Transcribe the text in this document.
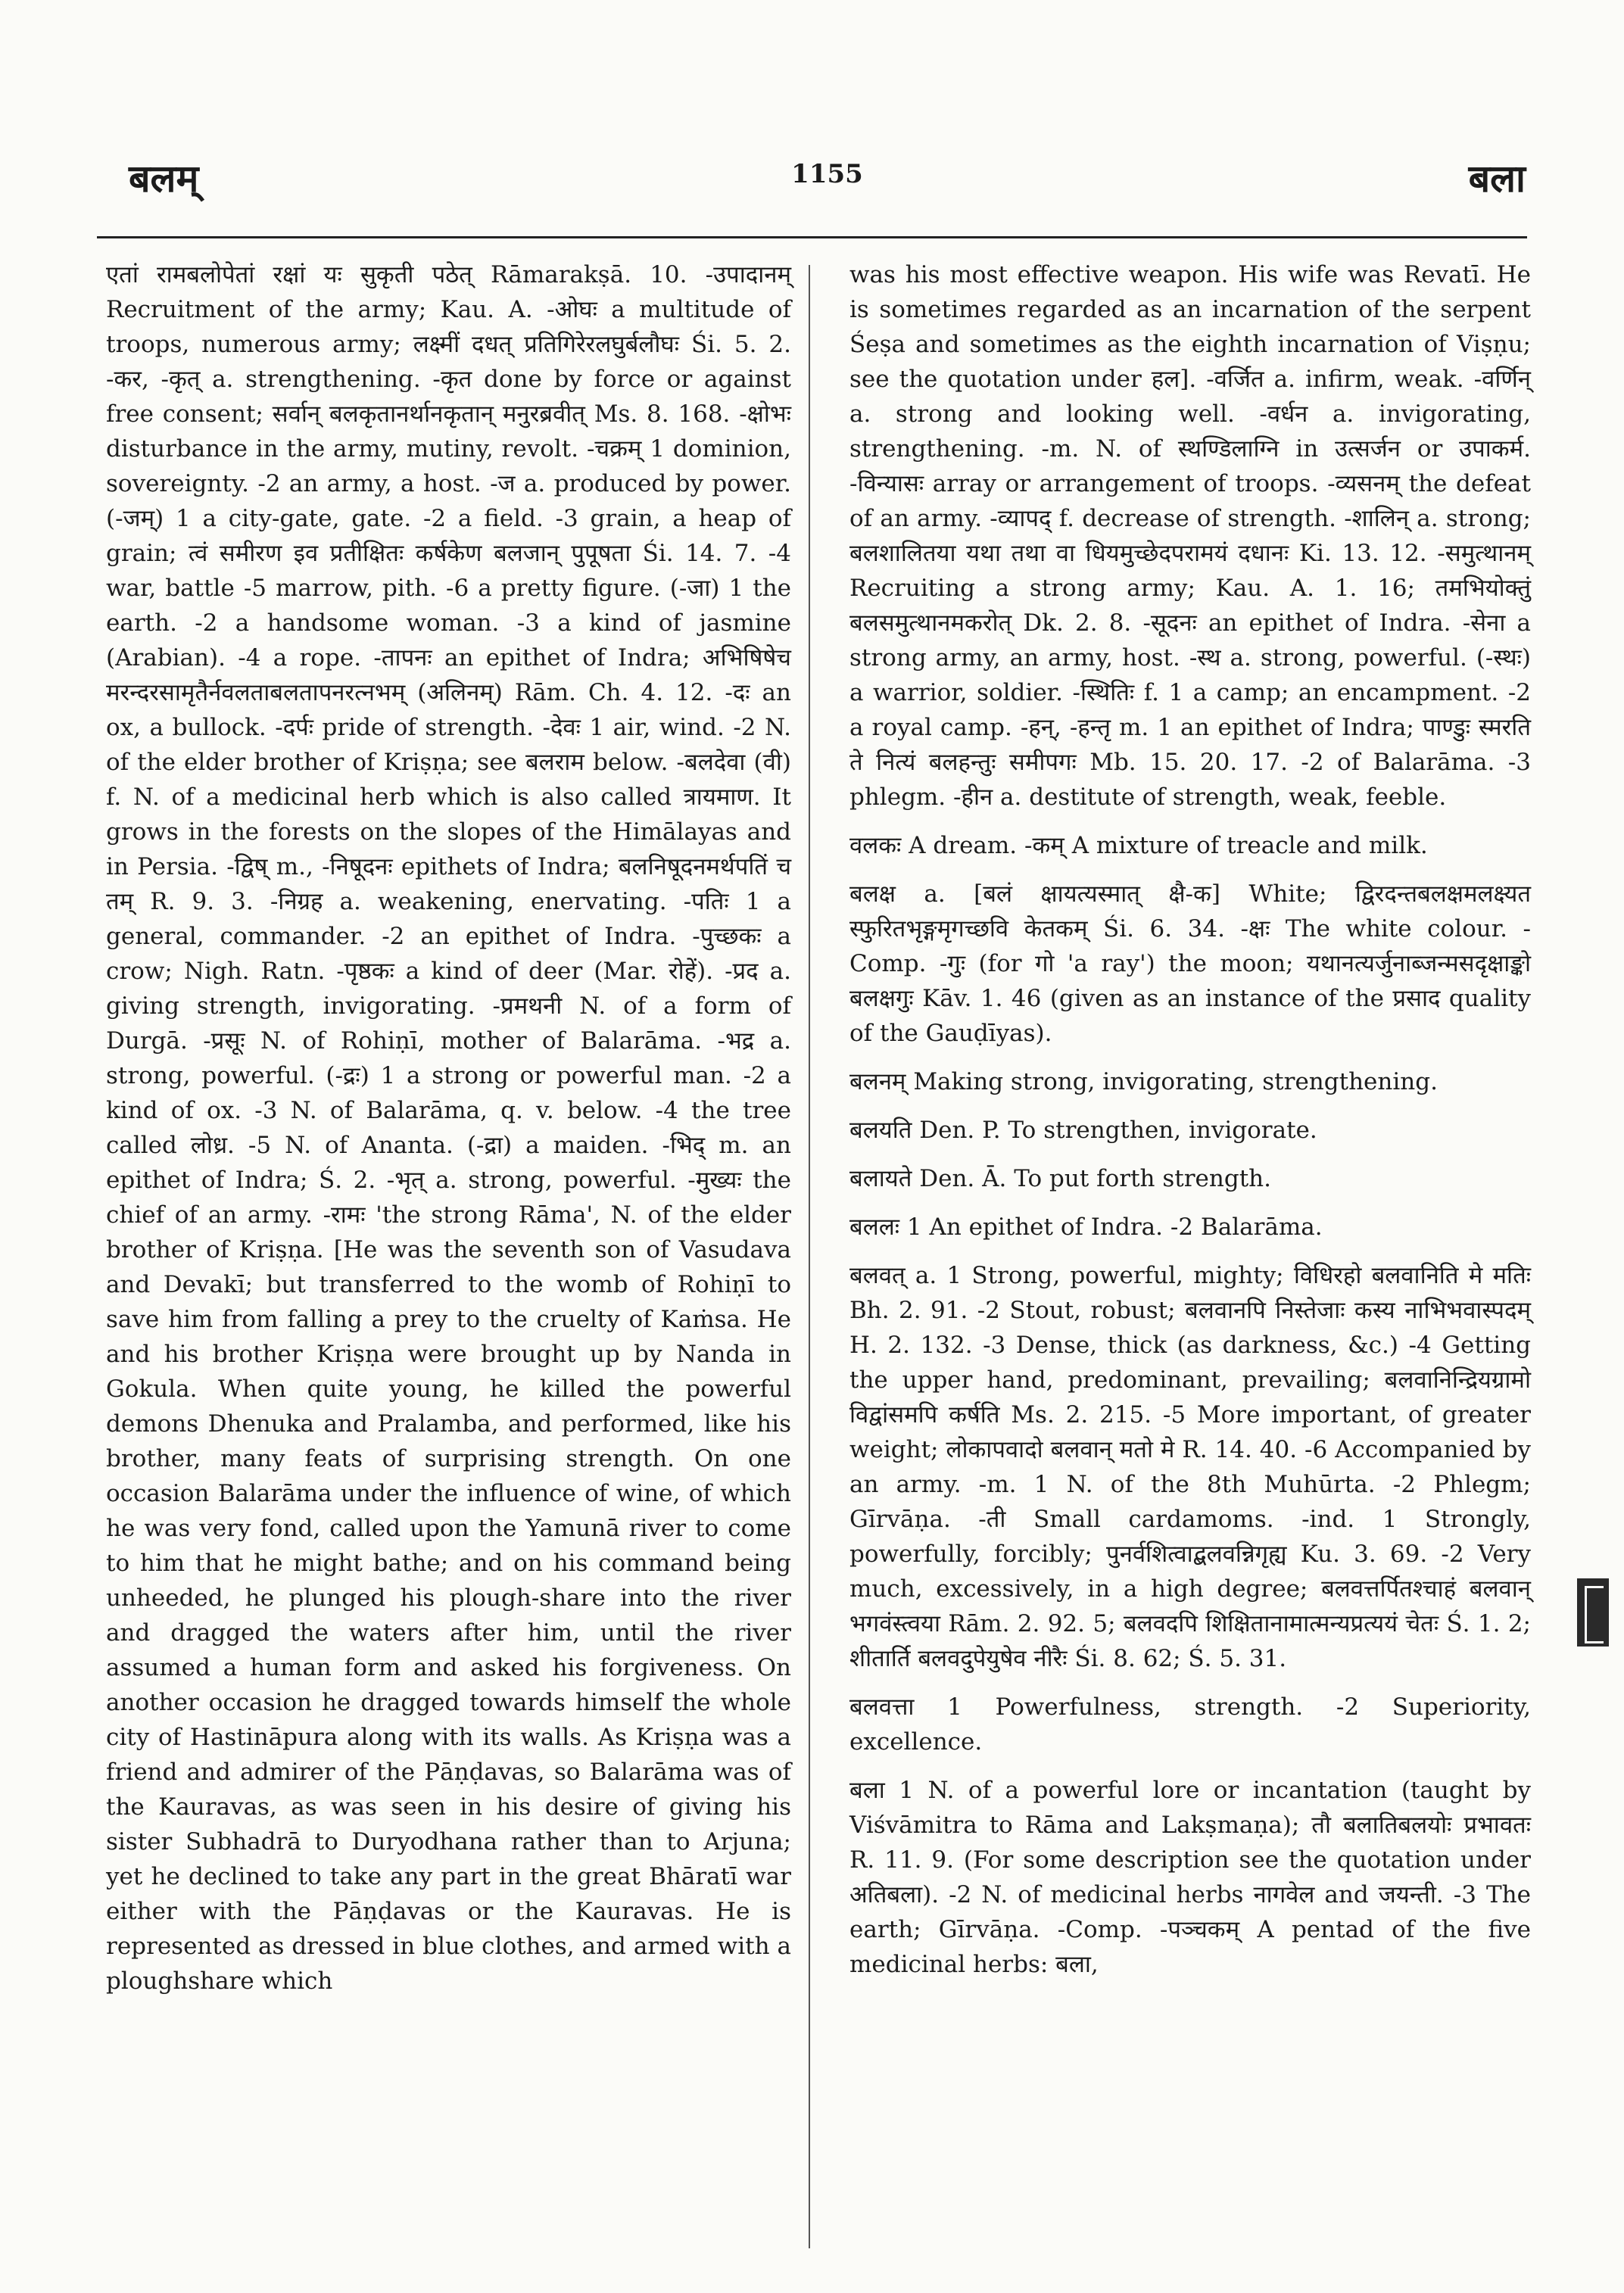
बलम्	1155	बला

एतां रामबलोपेतां रक्षां यः सुकृती पठेत् Rāmarakṣā. 10. -उपादानम् Recruitment of the army; Kau. A. -ओघः a multitude of troops, numerous army; लक्ष्मीं दधत् प्रतिगिरेरलघुर्बलौघः Śi. 5. 2. -कर, -कृत् a. strengthening. -कृत done by force or against free consent; सर्वान् बलकृतानर्थानकृतान् मनुरब्रवीत् Ms. 8. 168. -क्षोभः disturbance in the army, mutiny, revolt. -चक्रम् 1 dominion, sovereignty. -2 an army, a host. -ज a. produced by power. (-जम्) 1 a city-gate, gate. -2 a field. -3 grain, a heap of grain; त्वं समीरण इव प्रतीक्षितः कर्षकेण बलजान् पुपूषता Śi. 14. 7. -4 war, battle -5 marrow, pith. -6 a pretty figure. (-जा) 1 the earth. -2 a handsome woman. -3 a kind of jasmine (Arabian). -4 a rope. -तापनः an epithet of Indra; अभिषिषेच मरन्दरसामृतैर्नवलताबलतापनरत्नभम् (अलिनम्) Rām. Ch. 4. 12. -दः an ox, a bullock. -दर्पः pride of strength. -देवः 1 air, wind. -2 N. of the elder brother of Kriṣṇa; see बलराम below. -बलदेवा (वी) f. N. of a medicinal herb which is also called त्रायमाण. It grows in the forests on the slopes of the Himālayas and in Persia. -द्विष् m., -निषूदनः epithets of Indra; बलनिषूदनमर्थपतिं च तम् R. 9. 3. -निग्रह a. weakening, enervating. -पतिः 1 a general, commander. -2 an epithet of Indra. -पुच्छकः a crow; Nigh. Ratn. -पृष्ठकः a kind of deer (Mar. रोहें). -प्रद a. giving strength, invigorating. -प्रमथनी N. of a form of Durgā. -प्रसूः N. of Rohiṇī, mother of Balarāma. -भद्र a. strong, powerful. (-द्रः) 1 a strong or powerful man. -2 a kind of ox. -3 N. of Balarāma, q. v. below. -4 the tree called लोध्र. -5 N. of Ananta. (-द्रा) a maiden. -भिद् m. an epithet of Indra; Ś. 2. -भृत् a. strong, powerful. -मुख्यः the chief of an army. -रामः 'the strong Rāma', N. of the elder brother of Kriṣṇa. [He was the seventh son of Vasudava and Devakī; but transferred to the womb of Rohiṇī to save him from falling a prey to the cruelty of Kaṁsa. He and his brother Kriṣṇa were brought up by Nanda in Gokula. When quite young, he killed the powerful demons Dhenuka and Pralamba, and performed, like his brother, many feats of surprising strength. On one occasion Balarāma under the influence of wine, of which he was very fond, called upon the Yamunā river to come to him that he might bathe; and on his command being unheeded, he plunged his plough-share into the river and dragged the waters after him, until the river assumed a human form and asked his forgiveness. On another occasion he dragged towards himself the whole city of Hastināpura along with its walls. As Kriṣṇa was a friend and admirer of the Pāṇḍavas, so Balarāma was of the Kauravas, as was seen in his desire of giving his sister Subhadrā to Duryodhana rather than to Arjuna; yet he declined to take any part in the great Bhāratī war either with the Pāṇḍavas or the Kauravas. He is represented as dressed in blue clothes, and armed with a ploughshare which

was his most effective weapon. His wife was Revatī. He is sometimes regarded as an incarnation of the serpent Śeṣa and sometimes as the eighth incarnation of Viṣṇu; see the quotation under हल]. -वर्जित a. infirm, weak. -वर्णिन् a. strong and looking well. -वर्धन a. invigorating, strengthening. -m. N. of स्थण्डिलाग्नि in उत्सर्जन or उपाकर्म. -विन्यासः array or arrangement of troops. -व्यसनम् the defeat of an army. -व्यापद् f. decrease of strength. -शालिन् a. strong; बलशालितया यथा तथा वा धियमुच्छेदपरामयं दधानः Ki. 13. 12. -समुत्थानम् Recruiting a strong army; Kau. A. 1. 16; तमभियोक्तुं बलसमुत्थानमकरोत् Dk. 2. 8. -सूदनः an epithet of Indra. -सेना a strong army, an army, host. -स्थ a. strong, powerful. (-स्थः) a warrior, soldier. -स्थितिः f. 1 a camp; an encampment. -2 a royal camp. -हन्, -हन्तृ m. 1 an epithet of Indra; पाण्डुः स्मरति ते नित्यं बलहन्तुः समीपगः Mb. 15. 20. 17. -2 of Balarāma. -3 phlegm. -हीन a. destitute of strength, weak, feeble.

वलकः A dream. -कम् A mixture of treacle and milk.

बलक्ष a. [बलं क्षायत्यस्मात् क्षै-क] White; द्विरदन्तबलक्षमलक्ष्यत स्फुरितभृङ्गमृगच्छवि केतकम् Śi. 6. 34. -क्षः The white colour. -Comp. -गुः (for गो 'a ray') the moon; यथानत्यर्जुनाब्जन्मसदृक्षाङ्को बलक्षगुः Kāv. 1. 46 (given as an instance of the प्रसाद quality of the Gauḍīyas).

बलनम् Making strong, invigorating, strengthening.

बलयति Den. P. To strengthen, invigorate.

बलायते Den. Ā. To put forth strength.

बललः 1 An epithet of Indra. -2 Balarāma.

बलवत् a. 1 Strong, powerful, mighty; विधिरहो बलवानिति मे मतिः Bh. 2. 91. -2 Stout, robust; बलवानपि निस्तेजाः कस्य नाभिभवास्पदम् H. 2. 132. -3 Dense, thick (as darkness, &c.) -4 Getting the upper hand, predominant, prevailing; बलवानिन्द्रियग्रामो विद्वांसमपि कर्षति Ms. 2. 215. -5 More important, of greater weight; लोकापवादो बलवान् मतो मे R. 14. 40. -6 Accompanied by an army. -m. 1 N. of the 8th Muhūrta. -2 Phlegm; Gīrvāṇa. -ती Small cardamoms. -ind. 1 Strongly, powerfully, forcibly; पुनर्वशित्वाद्बलवन्निगृह्य Ku. 3. 69. -2 Very much, excessively, in a high degree; बलवत्तर्पितश्चाहं बलवान् भगवंस्त्वया Rām. 2. 92. 5; बलवदपि शिक्षितानामात्मन्यप्रत्ययं चेतः Ś. 1. 2; शीतार्ति बलवदुपेयुषेव नीरैः Śi. 8. 62; Ś. 5. 31.

बलवत्ता 1 Powerfulness, strength. -2 Superiority, excellence.

बला 1 N. of a powerful lore or incantation (taught by Viśvāmitra to Rāma and Lakṣmaṇa); तौ बलातिबलयोः प्रभावतः R. 11. 9. (For some description see the quotation under अतिबला). -2 N. of medicinal herbs नागवेल and जयन्ती. -3 The earth; Gīrvāṇa. -Comp. -पञ्चकम् A pentad of the five medicinal herbs: बला,
